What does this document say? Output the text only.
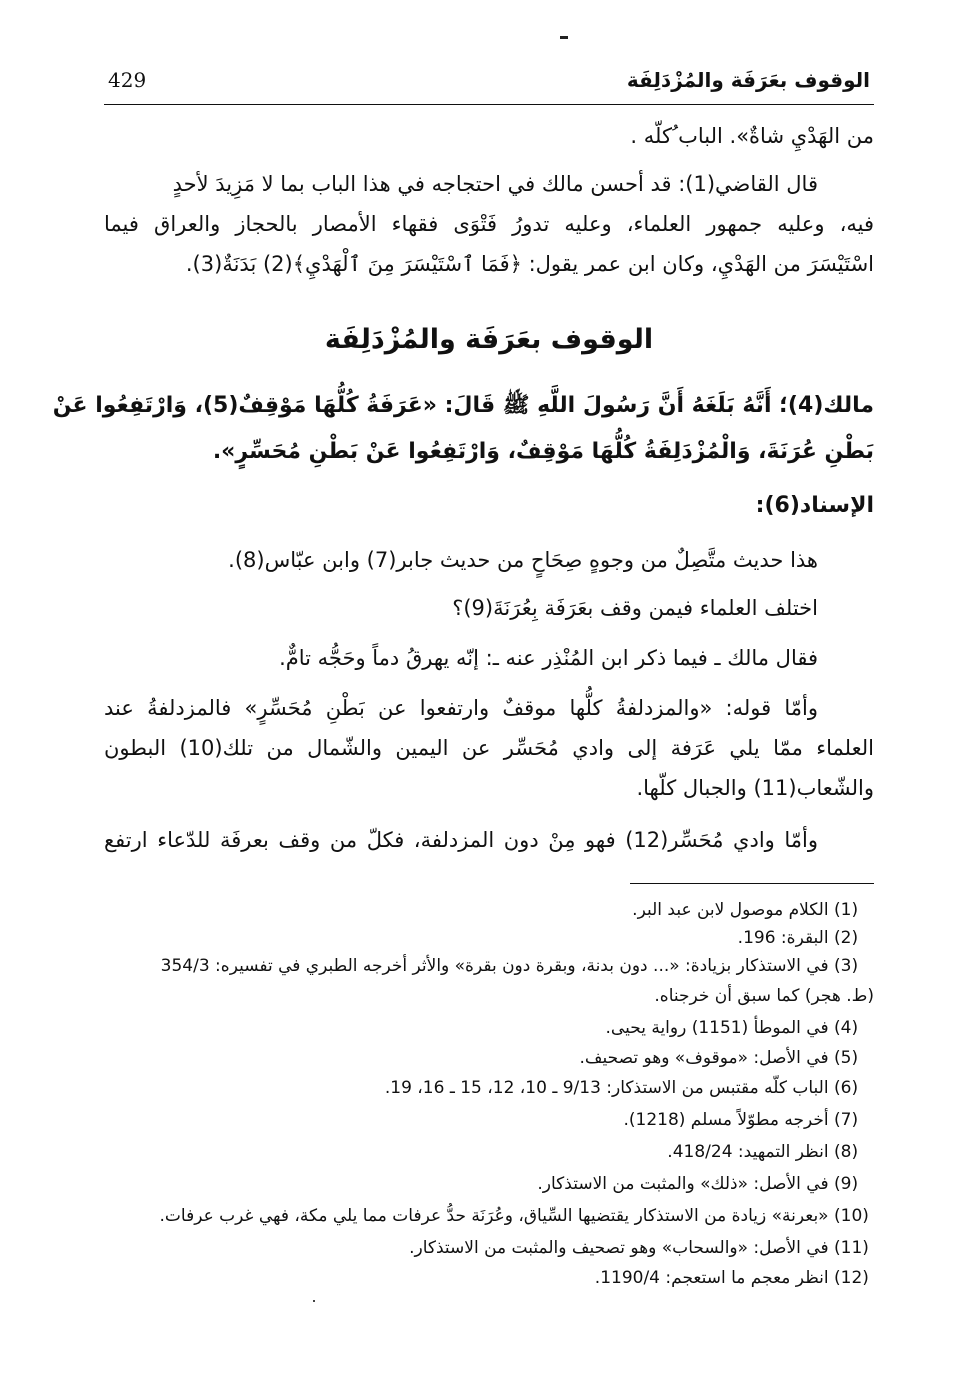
الوقوف بعَرَفَة والمُزْدَلِفَة
429
من الهَدْيِ شاةٌ». الباب ُكلّه .
قال القاضي(1): قد أحسن مالك في احتجاجه في هذا الباب بما لا مَزِيدَ لأحدٍ
فيه، وعليه جمهور العلماء، وعليه تدورُ فَتْوَى فقهاء الأمصار بالحجاز والعراق فيما
اسْتَيْسَرَ من الهَدْيِ، وكان ابن عمر يقول: ﴿فَمَا ٱسْتَيْسَرَ مِنَ ٱلْهَدْيِ﴾(2) بَدَنَةٌ(3).
الوقوف بعَرَفَة والمُزْدَلِفَة
مالك(4)؛ أَنَّهُ بَلَغَهُ أَنَّ رَسُولَ اللَّهِ ﷺ قَالَ: «عَرَفَةُ كُلُّهَا مَوْقِفٌ(5)، وَارْتَفِعُوا عَنْ
بَطْنِ عُرَنَةَ، وَالْمُزْدَلِفَةُ كُلُّهَا مَوْقِفٌ، وَارْتَفِعُوا عَنْ بَطْنِ مُحَسِّرٍ».
الإسناد(6):
هذا حديث متَّصِلٌ من وجوهٍ صِحَاحٍ من حديث جابر(7) وابن عبّاس(8).
اختلف العلماء فيمن وقف بعَرَفَة بِعُرَنَةَ(9)؟
فقال مالك ـ فيما ذكر ابن المُنْذِر عنه ـ: إنّه يهرقُ دماً وحَجُّه تامٌّ.
وأمّا قوله: «والمزدلفةُ كلُّها موقفٌ وارتفعوا عن بَطْنِ مُحَسِّرٍ» فالمزدلفةُ عند
العلماء ممّا يلي عَرَفة إلى وادي مُحَسِّر عن اليمين والشّمال من تلك(10) البطون
والشّعاب(11) والجبال كلّها.
وأمّا وادي مُحَسِّر(12) فهو مِنْ دون المزدلفة، فكلّ من وقف بعرفَة للدّعاء ارتفع
(1) الكلام موصول لابن عبد البر.
(2) البقرة: 196.
(3) في الاستذكار بزيادة: «... دون بدنة، وبقرة دون بقرة» والأثر أخرجه الطبري في تفسيره: 354/3
(ط. هجر) كما سبق أن خرجناه.
(4) في الموطأ (1151) رواية يحيى.
(5) في الأصل: «موقوف» وهو تصحيف.
(6) الباب كلّه مقتبس من الاستذكار: 9/13 ـ 10، 12، 15 ـ 16، 19.
(7) أخرجه مطوّلاً مسلم (1218).
(8) انظر التمهيد: 418/24.
(9) في الأصل: «ذلك» والمثبت من الاستذكار.
(10) «بعرنة» زيادة من الاستذكار يقتضيها السِّياق، وعُرَنَة حدُّ عرفات مما يلي مكة، فهي غرب عرفات.
(11) في الأصل: «والسحاب» وهو تصحيف والمثبت من الاستذكار.
(12) انظر معجم ما استعجم: 1190/4.
